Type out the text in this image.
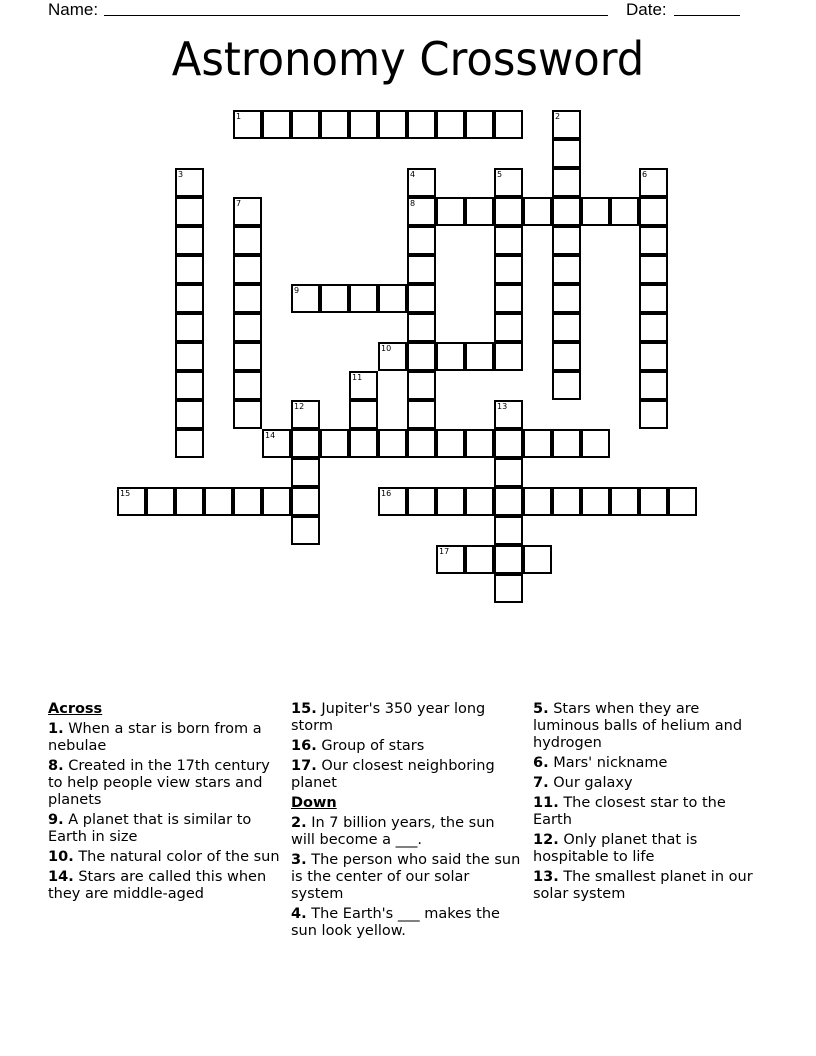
Name:	Date:
Astronomy Crossword
1	2
3	4
8
5	6
7
9
10
11
12	13
14
15	16
17
Across
1. When a star is born from a nebulae
8. Created in the 17th century to help people view stars and planets
9. A planet that is similar to Earth in size
10. The natural color of the sun
14. Stars are called this when they are middle-aged
15. Jupiter's 350 year long storm
16. Group of stars
17. Our closest neighboring planet
Down
2. In 7 billion years, the sun will become a ___.
3. The person who said the sun is the center of our solar system
4. The Earth's ___ makes the sun look yellow.
5. Stars when they are luminous balls of helium and hydrogen
6. Mars' nickname
7. Our galaxy
11. The closest star to the Earth
12. Only planet that is hospitable to life
13. The smallest planet in our solar system
